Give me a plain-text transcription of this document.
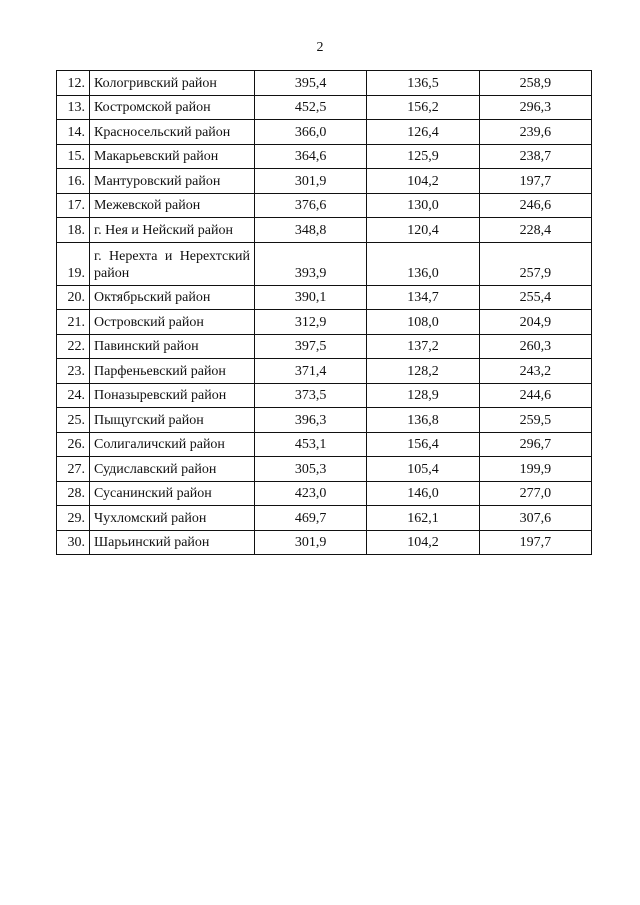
2
12.	Кологривский район	395,4	136,5	258,9
13.	Костромской район	452,5	156,2	296,3
14.	Красносельский район	366,0	126,4	239,6
15.	Макарьевский район	364,6	125,9	238,7
16.	Мантуровский район	301,9	104,2	197,7
17.	Межевской район	376,6	130,0	246,6
18.	г. Нея и Нейский район	348,8	120,4	228,4
19.	г. Нерехта и Нерехтский район	393,9	136,0	257,9
20.	Октябрьский район	390,1	134,7	255,4
21.	Островский район	312,9	108,0	204,9
22.	Павинский район	397,5	137,2	260,3
23.	Парфеньевский район	371,4	128,2	243,2
24.	Поназыревский район	373,5	128,9	244,6
25.	Пыщугский район	396,3	136,8	259,5
26.	Солигаличский район	453,1	156,4	296,7
27.	Судиславский район	305,3	105,4	199,9
28.	Сусанинский район	423,0	146,0	277,0
29.	Чухломский район	469,7	162,1	307,6
30.	Шарьинский район	301,9	104,2	197,7
